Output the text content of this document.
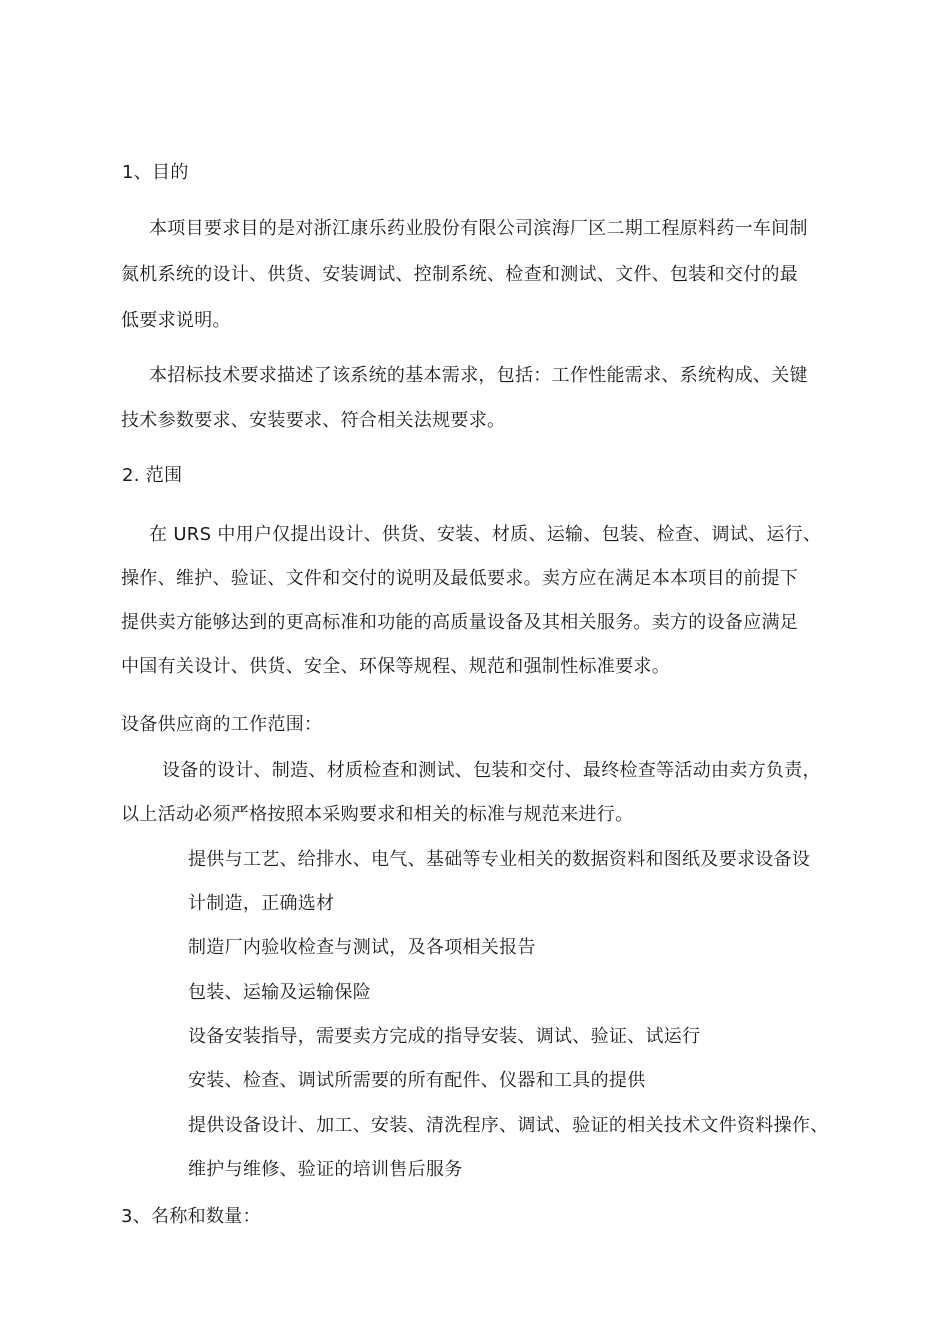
1、目的
本项目要求目的是对浙江康乐药业股份有限公司滨海厂区二期工程原料药一车间制
氮机系统的设计、供货、安装调试、控制系统、检查和测试、文件、包装和交付的最
低要求说明。
本招标技术要求描述了该系统的基本需求，包括：工作性能需求、系统构成、关键
技术参数要求、安装要求、符合相关法规要求。
2. 范围
在 URS 中用户仅提出设计、供货、安装、材质、运输、包装、检查、调试、运行、
操作、维护、验证、文件和交付的说明及最低要求。卖方应在满足本本项目的前提下
提供卖方能够达到的更高标准和功能的高质量设备及其相关服务。卖方的设备应满足
中国有关设计、供货、安全、环保等规程、规范和强制性标准要求。
设备供应商的工作范围：
设备的设计、制造、材质检查和测试、包装和交付、最终检查等活动由卖方负责，
以上活动必须严格按照本采购要求和相关的标准与规范来进行。
提供与工艺、给排水、电气、基础等专业相关的数据资料和图纸及要求设备设
计制造，正确选材
制造厂内验收检查与测试，及各项相关报告
包装、运输及运输保险
设备安装指导，需要卖方完成的指导安装、调试、验证、试运行
安装、检查、调试所需要的所有配件、仪器和工具的提供
提供设备设计、加工、安装、清洗程序、调试、验证的相关技术文件资料操作、
维护与维修、验证的培训售后服务
3、名称和数量：
